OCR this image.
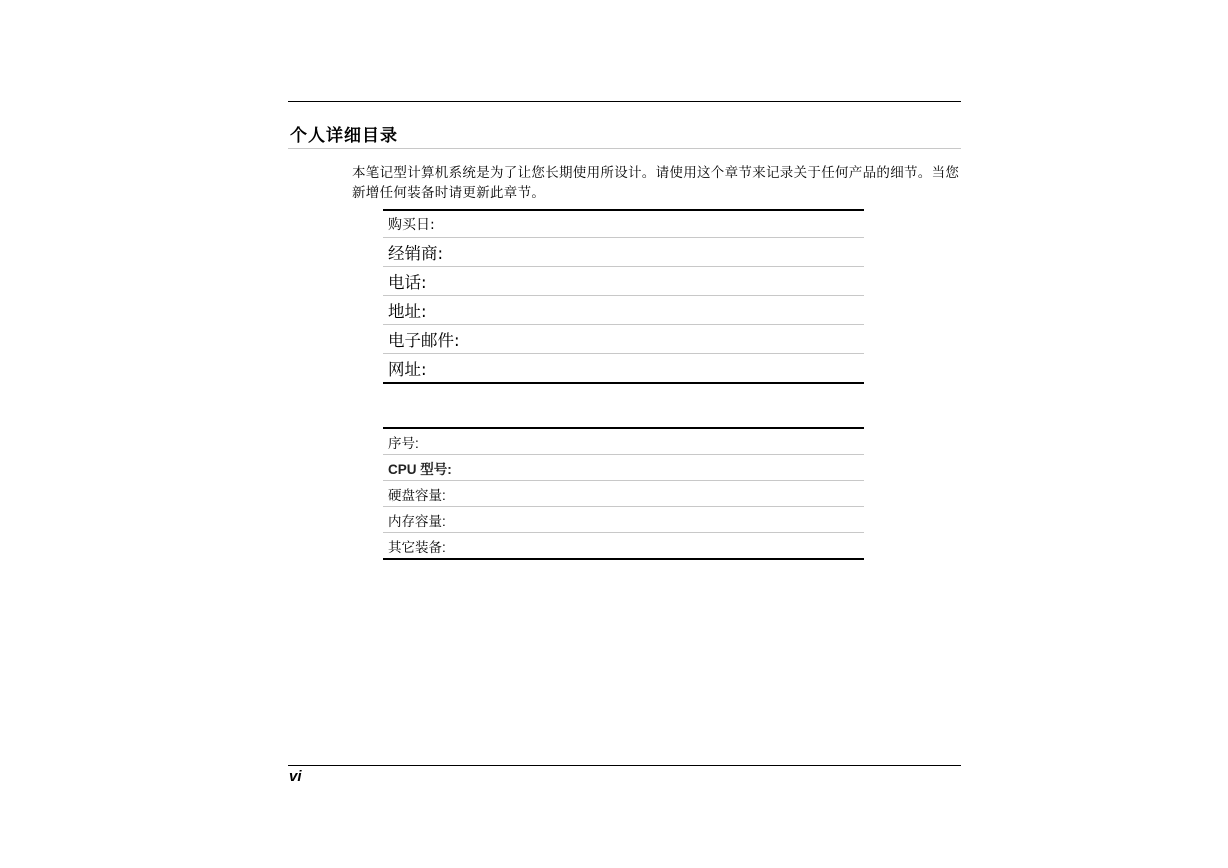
个人详细目录
本笔记型计算机系统是为了让您长期使用所设计。请使用这个章节来记录关于任何产品的细节。当您新增任何装备时请更新此章节。
购买日:
经销商:
电话:
地址:
电子邮件:
网址:
序号:
CPU 型号:
硬盘容量:
内存容量:
其它装备:
vi
